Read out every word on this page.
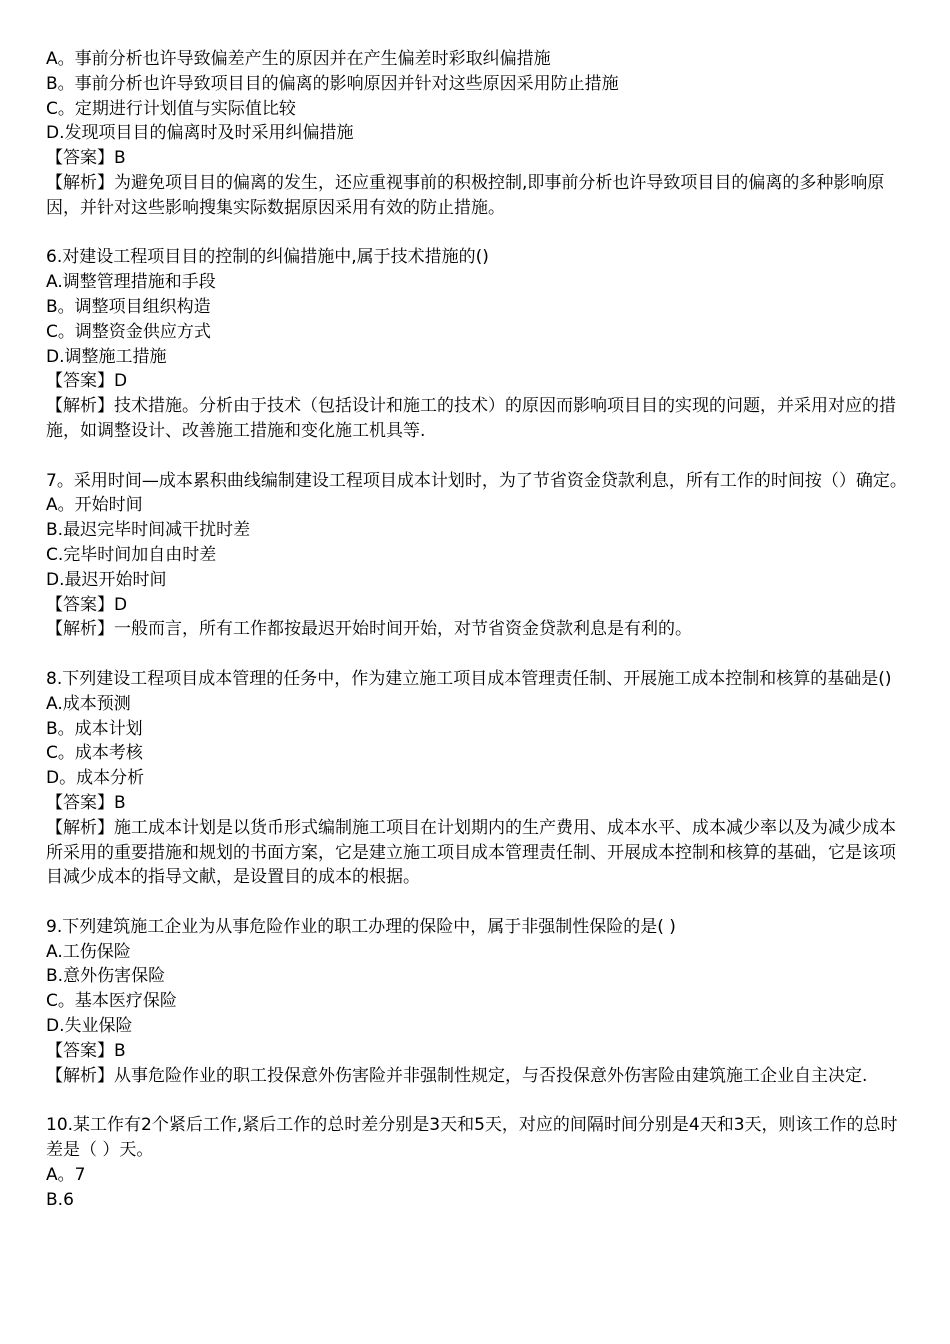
A。事前分析也许导致偏差产生的原因并在产生偏差时彩取纠偏措施
B。事前分析也许导致项目目的偏离的影响原因并针对这些原因采用防止措施
C。定期进行计划值与实际值比较
D.发现项目目的偏离时及时采用纠偏措施
【答案】B
【解析】为避免项目目的偏离的发生，还应重视事前的积极控制,即事前分析也许导致项目目的偏离的多种影响原因，并针对这些影响搜集实际数据原因采用有效的防止措施。
6.对建设工程项目目的控制的纠偏措施中,属于技术措施的()
A.调整管理措施和手段
B。调整项目组织构造
C。调整资金供应方式
D.调整施工措施
【答案】D
【解析】技术措施。分析由于技术（包括设计和施工的技术）的原因而影响项目目的实现的问题，并采用对应的措施，如调整设计、改善施工措施和变化施工机具等.
7。采用时间—成本累积曲线编制建设工程项目成本计划时，为了节省资金贷款利息，所有工作的时间按（）确定。
A。开始时间
B.最迟完毕时间减干扰时差
C.完毕时间加自由时差
D.最迟开始时间
【答案】D
【解析】一般而言，所有工作都按最迟开始时间开始，对节省资金贷款利息是有利的。
8.下列建设工程项目成本管理的任务中，作为建立施工项目成本管理责任制、开展施工成本控制和核算的基础是()
A.成本预测
B。成本计划
C。成本考核
D。成本分析
【答案】B
【解析】施工成本计划是以货币形式编制施工项目在计划期内的生产费用、成本水平、成本减少率以及为减少成本所采用的重要措施和规划的书面方案，它是建立施工项目成本管理责任制、开展成本控制和核算的基础，它是该项目减少成本的指导文献，是设置目的成本的根据。
9.下列建筑施工企业为从事危险作业的职工办理的保险中，属于非强制性保险的是( )
A.工伤保险
B.意外伤害保险
C。基本医疗保险
D.失业保险
【答案】B
【解析】从事危险作业的职工投保意外伤害险并非强制性规定，与否投保意外伤害险由建筑施工企业自主决定.
10.某工作有2个紧后工作,紧后工作的总时差分别是3天和5天，对应的间隔时间分别是4天和3天，则该工作的总时差是（ ）天。
A。7
B.6
